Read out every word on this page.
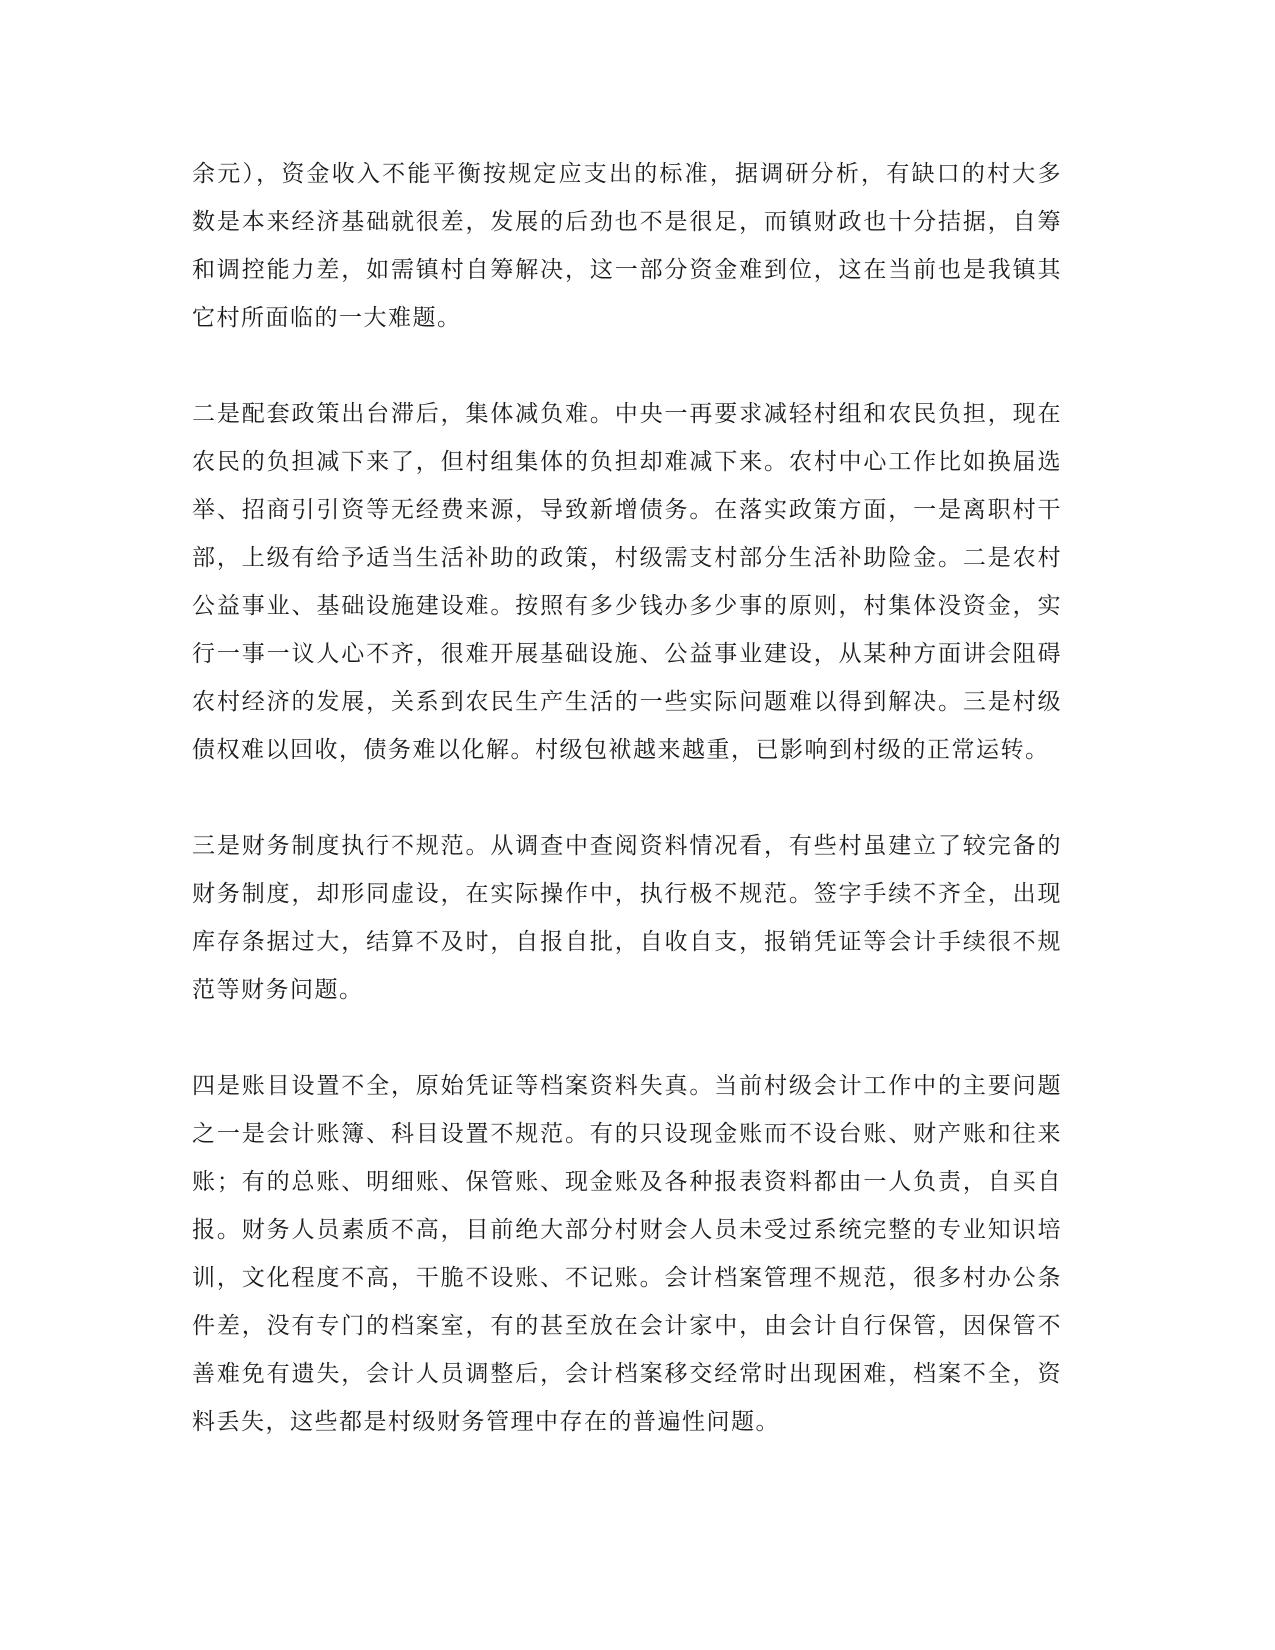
余元），资金收入不能平衡按规定应支出的标准，据调研分析，有缺口的村大多数是本来经济基础就很差，发展的后劲也不是很足，而镇财政也十分拮据，自筹和调控能力差，如需镇村自筹解决，这一部分资金难到位，这在当前也是我镇其它村所面临的一大难题。

二是配套政策出台滞后，集体减负难。中央一再要求减轻村组和农民负担，现在农民的负担减下来了，但村组集体的负担却难减下来。农村中心工作比如换届选举、招商引引资等无经费来源，导致新增债务。在落实政策方面，一是离职村干部，上级有给予适当生活补助的政策，村级需支村部分生活补助险金。二是农村公益事业、基础设施建设难。按照有多少钱办多少事的原则，村集体没资金，实行一事一议人心不齐，很难开展基础设施、公益事业建设，从某种方面讲会阻碍农村经济的发展，关系到农民生产生活的一些实际问题难以得到解决。三是村级债权难以回收，债务难以化解。村级包袱越来越重，已影响到村级的正常运转。

三是财务制度执行不规范。从调查中查阅资料情况看，有些村虽建立了较完备的财务制度，却形同虚设，在实际操作中，执行极不规范。签字手续不齐全，出现库存条据过大，结算不及时，自报自批，自收自支，报销凭证等会计手续很不规范等财务问题。

四是账目设置不全，原始凭证等档案资料失真。当前村级会计工作中的主要问题之一是会计账簿、科目设置不规范。有的只设现金账而不设台账、财产账和往来账；有的总账、明细账、保管账、现金账及各种报表资料都由一人负责，自买自报。财务人员素质不高，目前绝大部分村财会人员未受过系统完整的专业知识培训，文化程度不高，干脆不设账、不记账。会计档案管理不规范，很多村办公条件差，没有专门的档案室，有的甚至放在会计家中，由会计自行保管，因保管不善难免有遗失，会计人员调整后，会计档案移交经常时出现困难，档案不全，资料丢失，这些都是村级财务管理中存在的普遍性问题。
